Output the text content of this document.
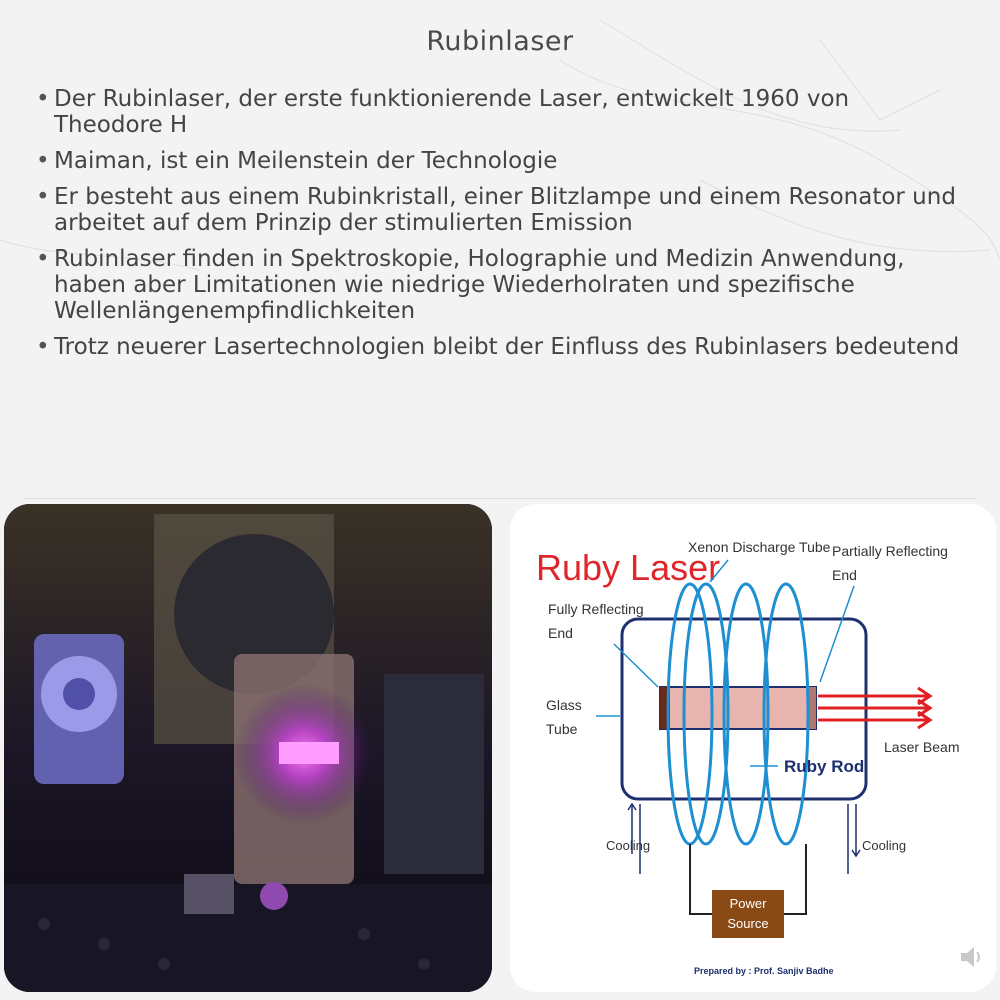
Rubinlaser
• Der Rubinlaser, der erste funktionierende Laser, entwickelt 1960 von Theodore H
• Maiman, ist ein Meilenstein der Technologie
• Er besteht aus einem Rubinkristall, einer Blitzlampe und einem Resonator und arbeitet auf dem Prinzip der stimulierten Emission
• Rubinlaser finden in Spektroskopie, Holographie und Medizin Anwendung, haben aber Limitationen wie niedrige Wiederholraten und spezifische Wellenlängenempfindlichkeiten
• Trotz neuerer Lasertechnologien bleibt der Einfluss des Rubinlasers bedeutend
Ruby Laser
Xenon Discharge Tube Partially Reflecting
End
Fully Reflecting
End
Glass
Tube
Ruby Rod
Laser Beam
Cooling	Cooling
Power
Source
Prepared by : Prof. Sanjiv Badhe
